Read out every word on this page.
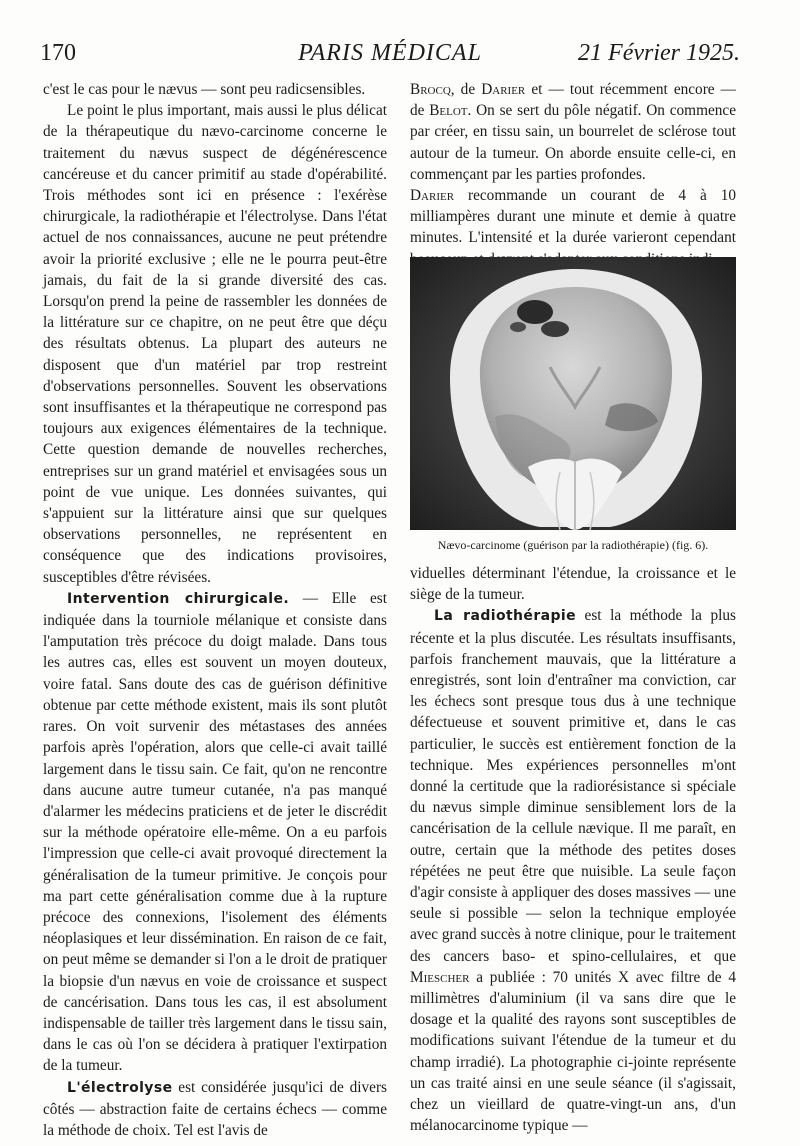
170	PARIS MÉDICAL	21 Février 1925.

c'est le cas pour le nævus — sont peu radicsensibles.

Le point le plus important, mais aussi le plus délicat de la thérapeutique du nævo-carcinome concerne le traitement du nævus suspect de dégénérescence cancéreuse et du cancer primitif au stade d'opérabilité. Trois méthodes sont ici en présence : l'exérèse chirurgicale, la radiothérapie et l'électrolyse. Dans l'état actuel de nos connaissances, aucune ne peut prétendre avoir la priorité exclusive ; elle ne le pourra peut-être jamais, du fait de la si grande diversité des cas. Lorsqu'on prend la peine de rassembler les données de la littérature sur ce chapitre, on ne peut être que déçu des résultats obtenus. La plupart des auteurs ne disposent que d'un matériel par trop restreint d'observations personnelles. Souvent les observations sont insuffisantes et la thérapeutique ne correspond pas toujours aux exigences élémentaires de la technique. Cette question demande de nouvelles recherches, entreprises sur un grand matériel et envisagées sous un point de vue unique. Les données suivantes, qui s'appuient sur la littérature ainsi que sur quelques observations personnelles, ne représentent en conséquence que des indications provisoires, susceptibles d'être révisées.

Intervention chirurgicale. — Elle est indiquée dans la tourniole mélanique et consiste dans l'amputation très précoce du doigt malade. Dans tous les autres cas, elles est souvent un moyen douteux, voire fatal. Sans doute des cas de guérison définitive obtenue par cette méthode existent, mais ils sont plutôt rares. On voit survenir des métastases des années parfois après l'opération, alors que celle-ci avait taillé largement dans le tissu sain. Ce fait, qu'on ne rencontre dans aucune autre tumeur cutanée, n'a pas manqué d'alarmer les médecins praticiens et de jeter le discrédit sur la méthode opératoire elle-même. On a eu parfois l'impression que celle-ci avait provoqué directement la généralisation de la tumeur primitive. Je conçois pour ma part cette généralisation comme due à la rupture précoce des connexions, l'isolement des éléments néoplasiques et leur dissémination. En raison de ce fait, on peut même se demander si l'on a le droit de pratiquer la biopsie d'un nævus en voie de croissance et suspect de cancérisation. Dans tous les cas, il est absolument indispensable de tailler très largement dans le tissu sain, dans le cas où l'on se décidera à pratiquer l'extirpation de la tumeur.

L'électrolyse est considérée jusqu'ici de divers côtés — abstraction faite de certains échecs — comme la méthode de choix. Tel est l'avis de

Brocq, de Darier et — tout récemment encore — de Belot. On se sert du pôle négatif. On commence par créer, en tissu sain, un bourrelet de sclérose tout autour de la tumeur. On aborde ensuite celle-ci, en commençant par les parties profondes.
Darier recommande un courant de 4 à 10 milliampères durant une minute et demie à quatre minutes. L'intensité et la durée varieront cependant

Nævo-carcinome (guérison par la radiothérapie) (fig. 6).

viduelles déterminant l'étendue, la croissance et le siège de la tumeur.

La radiothérapie est la méthode la plus récente et la plus discutée. Les résultats insuffisants, parfois franchement mauvais, que la littérature a enregistrés, sont loin d'entraîner ma conviction, car les échecs sont presque tous dus à une technique défectueuse et souvent primitive et, dans le cas particulier, le succès est entièrement fonction de la technique. Mes expériences personnelles m'ont donné la certitude que la radiorésistance si spéciale du nævus simple diminue sensiblement lors de la cancérisation de la cellule nævique. Il me paraît, en outre, certain que la méthode des petites doses répétées ne peut être que nuisible. La seule façon d'agir consiste à appliquer des doses massives — une seule si possible — selon la technique employée avec grand succès à notre clinique, pour le traitement des cancers baso- et spino-cellulaires, et que Miescher a publiée : 70 unités X avec filtre de 4 millimètres d'aluminium (il va sans dire que le dosage et la qualité des rayons sont susceptibles de modifications suivant l'étendue de la tumeur et du champ irradié). La photographie ci-jointe représente un cas traité ainsi en une seule séance (il s'agissait, chez un vieillard de quatre-vingt-un ans, d'un mélanocarcinome typique —
